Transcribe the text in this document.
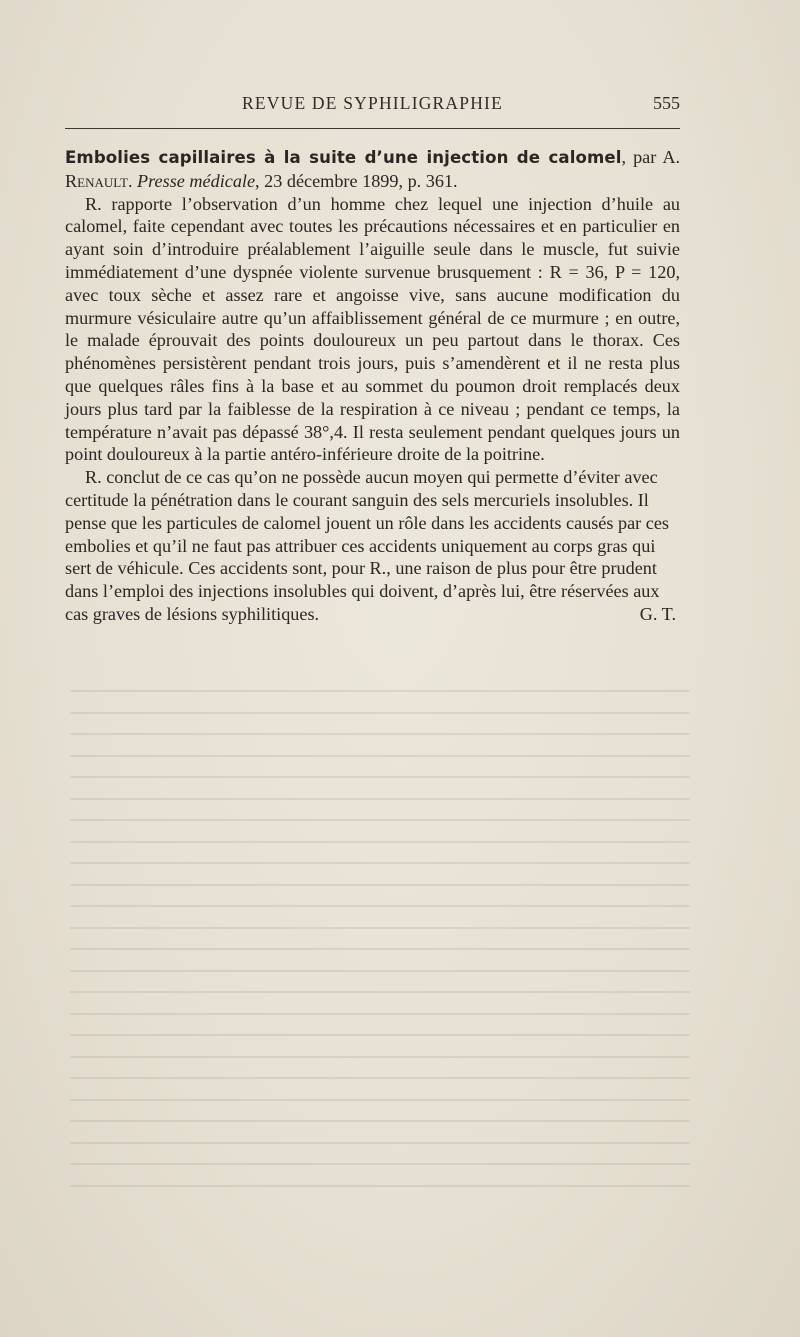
REVUE DE SYPHILIGRAPHIE	555

Embolies capillaires à la suite d’une injection de calomel, par A. Renault. Presse médicale, 23 décembre 1899, p. 361.

R. rapporte l’observation d’un homme chez lequel une injection d’huile au calomel, faite cependant avec toutes les précautions nécessaires et en particulier en ayant soin d’introduire préalablement l’aiguille seule dans le muscle, fut suivie immédiatement d’une dyspnée violente survenue brusquement : R = 36, P = 120, avec toux sèche et assez rare et angoisse vive, sans aucune modification du murmure vésiculaire autre qu’un affaiblissement général de ce murmure ; en outre, le malade éprouvait des points douloureux un peu partout dans le thorax. Ces phénomènes persistèrent pendant trois jours, puis s’amendèrent et il ne resta plus que quelques râles fins à la base et au sommet du poumon droit remplacés deux jours plus tard par la faiblesse de la respiration à ce niveau ; pendant ce temps, la température n’avait pas dépassé 38°,4. Il resta seulement pendant quelques jours un point douloureux à la partie antéro-inférieure droite de la poitrine.

R. conclut de ce cas qu’on ne possède aucun moyen qui permette d’éviter avec certitude la pénétration dans le courant sanguin des sels mercuriels insolubles. Il pense que les particules de calomel jouent un rôle dans les accidents causés par ces embolies et qu’il ne faut pas attribuer ces accidents uniquement au corps gras qui sert de véhicule. Ces accidents sont, pour R., une raison de plus pour être prudent dans l’emploi des injections insolubles qui doivent, d’après lui, être réservées aux cas graves de lésions syphilitiques.	G. T.
